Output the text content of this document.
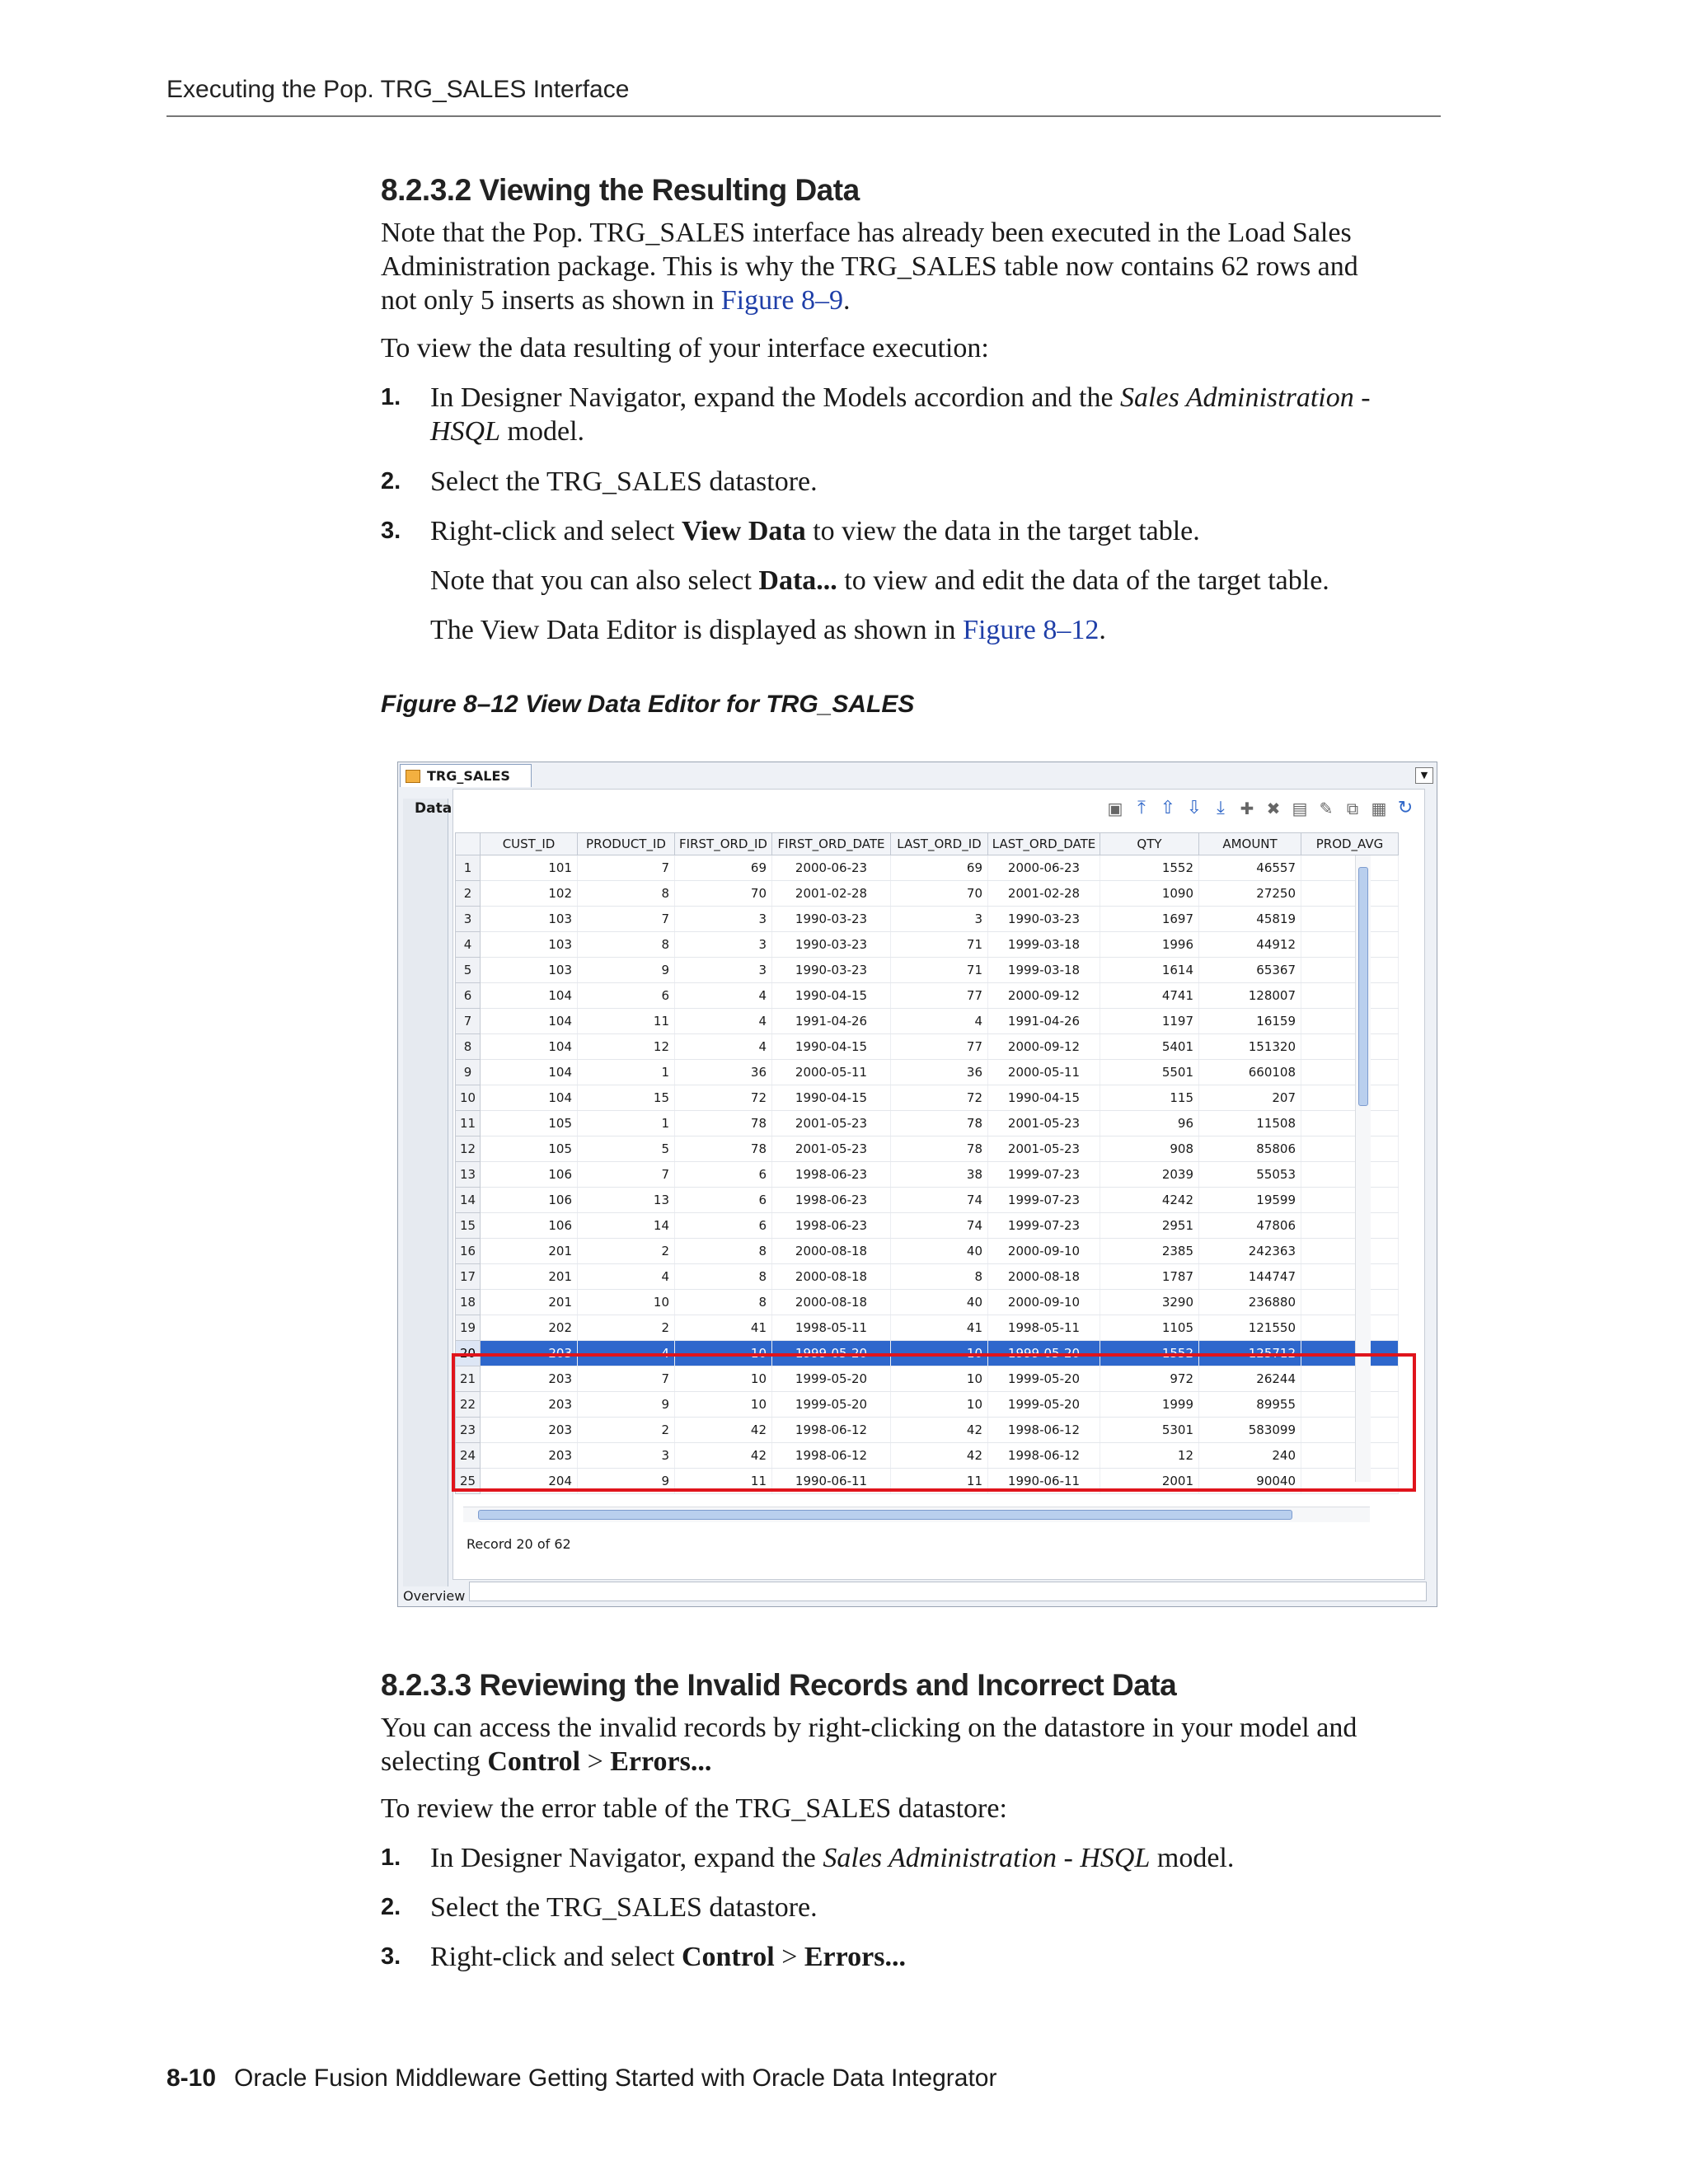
Executing the Pop. TRG_SALES Interface
8.2.3.2 Viewing the Resulting Data
Note that the Pop. TRG_SALES interface has already been executed in the Load Sales
Administration package. This is why the TRG_SALES table now contains 62 rows and
not only 5 inserts as shown in Figure 8–9.
To view the data resulting of your interface execution:
1. In Designer Navigator, expand the Models accordion and the Sales Administration -
HSQL model.
2. Select the TRG_SALES datastore.
3. Right-click and select View Data to view the data in the target table.
Note that you can also select Data... to view and edit the data of the target table.
The View Data Editor is displayed as shown in Figure 8–12.
Figure 8–12 View Data Editor for TRG_SALES
TRG_SALES	▼
Data
Overview
▣ ⤒ ⇧ ⇩ ⤓ ✚ ✖ ▤ ✎ ⧉ ▦ ↻
	CUST_ID	PRODUCT_ID	FIRST_ORD_ID	FIRST_ORD_DATE	LAST_ORD_ID	LAST_ORD_DATE	QTY	AMOUNT	PROD_AVG
1	101	7	69	2000-06-23	69	2000-06-23	1552	46557	
2	102	8	70	2001-02-28	70	2001-02-28	1090	27250	
3	103	7	3	1990-03-23	3	1990-03-23	1697	45819	
4	103	8	3	1990-03-23	71	1999-03-18	1996	44912	
5	103	9	3	1990-03-23	71	1999-03-18	1614	65367	
6	104	6	4	1990-04-15	77	2000-09-12	4741	128007	
7	104	11	4	1991-04-26	4	1991-04-26	1197	16159	
8	104	12	4	1990-04-15	77	2000-09-12	5401	151320	
9	104	1	36	2000-05-11	36	2000-05-11	5501	660108	
10	104	15	72	1990-04-15	72	1990-04-15	115	207	
11	105	1	78	2001-05-23	78	2001-05-23	96	11508	
12	105	5	78	2001-05-23	78	2001-05-23	908	85806	
13	106	7	6	1998-06-23	38	1999-07-23	2039	55053	
14	106	13	6	1998-06-23	74	1999-07-23	4242	19599	
15	106	14	6	1998-06-23	74	1999-07-23	2951	47806	
16	201	2	8	2000-08-18	40	2000-09-10	2385	242363	
17	201	4	8	2000-08-18	8	2000-08-18	1787	144747	
18	201	10	8	2000-08-18	40	2000-09-10	3290	236880	
19	202	2	41	1998-05-11	41	1998-05-11	1105	121550	
20	203	4	10	1999-05-20	10	1999-05-20	1552	125712	
21	203	7	10	1999-05-20	10	1999-05-20	972	26244	
22	203	9	10	1999-05-20	10	1999-05-20	1999	89955	
23	203	2	42	1998-06-12	42	1998-06-12	5301	583099	
24	203	3	42	1998-06-12	42	1998-06-12	12	240	
25	204	9	11	1990-06-11	11	1990-06-11	2001	90040	
Record 20 of 62
8.2.3.3 Reviewing the Invalid Records and Incorrect Data
You can access the invalid records by right-clicking on the datastore in your model and
selecting Control > Errors...
To review the error table of the TRG_SALES datastore:
1. In Designer Navigator, expand the Sales Administration - HSQL model.
2. Select the TRG_SALES datastore.
3. Right-click and select Control > Errors...
8-10 Oracle Fusion Middleware Getting Started with Oracle Data Integrator
